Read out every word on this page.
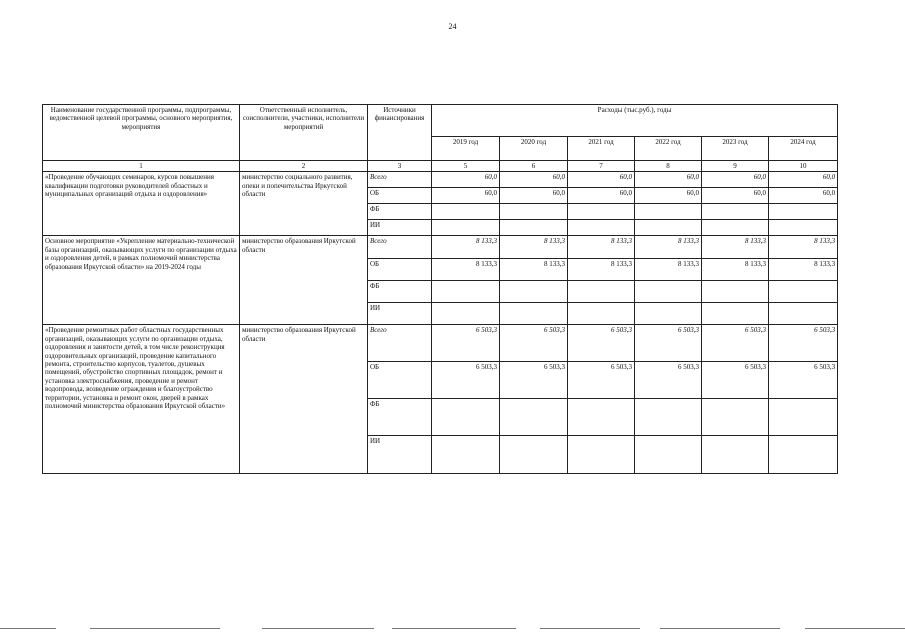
24
Наименование государственной программы, подпрограммы, ведомственной целевой программы, основного мероприятия, мероприятия	Ответственный исполнитель, соисполнители, участники, исполнители мероприятий	Источники финансирования	Расходы (тыс.руб.), годы					
			2019 год	2020 год	2021 год	2022 год	2023 год	2024 год
1	2	3	5	6	7	8	9	10
«Проведение обучающих семинаров, курсов повышения квалификации подготовки руководителей областных и муниципальных организаций отдыха и оздоровления»	министерство социального развития, опеки и попечительства Иркутской области	Всего	60,0	60,0	60,0	60,0	60,0	60,0
		ОБ	60,0	60,0	60,0	60,0	60,0	60,0
		ФБ						
		ИИ						
Основное мероприятие «Укрепление материально-технической базы организаций, оказывающих услуги по организации отдыха и оздоровления детей, в рамках полномочий министерства образования Иркутской области» на 2019-2024 годы	министерство образования Иркутской области	Всего	8 133,3	8 133,3	8 133,3	8 133,3	8 133,3	8 133,3
		ОБ	8 133,3	8 133,3	8 133,3	8 133,3	8 133,3	8 133,3
		ФБ						
		ИИ						
«Проведение ремонтных работ областных государственных организаций, оказывающих услуги по организации отдыха, оздоровления и занятости детей, в том числе реконструкция оздоровительных организаций, проведение капитального ремонта, строительство корпусов, туалетов, душевых помещений, обустройство спортивных площадок, ремонт и установка электроснабжения, проведение и ремонт водопровода, возведение ограждения и благоустройство территории, установка и ремонт окон, дверей в рамках полномочий министерства образования Иркутской области»	министерство образования Иркутской области	Всего	6 503,3	6 503,3	6 503,3	6 503,3	6 503,3	6 503,3
		ОБ	6 503,3	6 503,3	6 503,3	6 503,3	6 503,3	6 503,3
		ФБ						
		ИИ						
